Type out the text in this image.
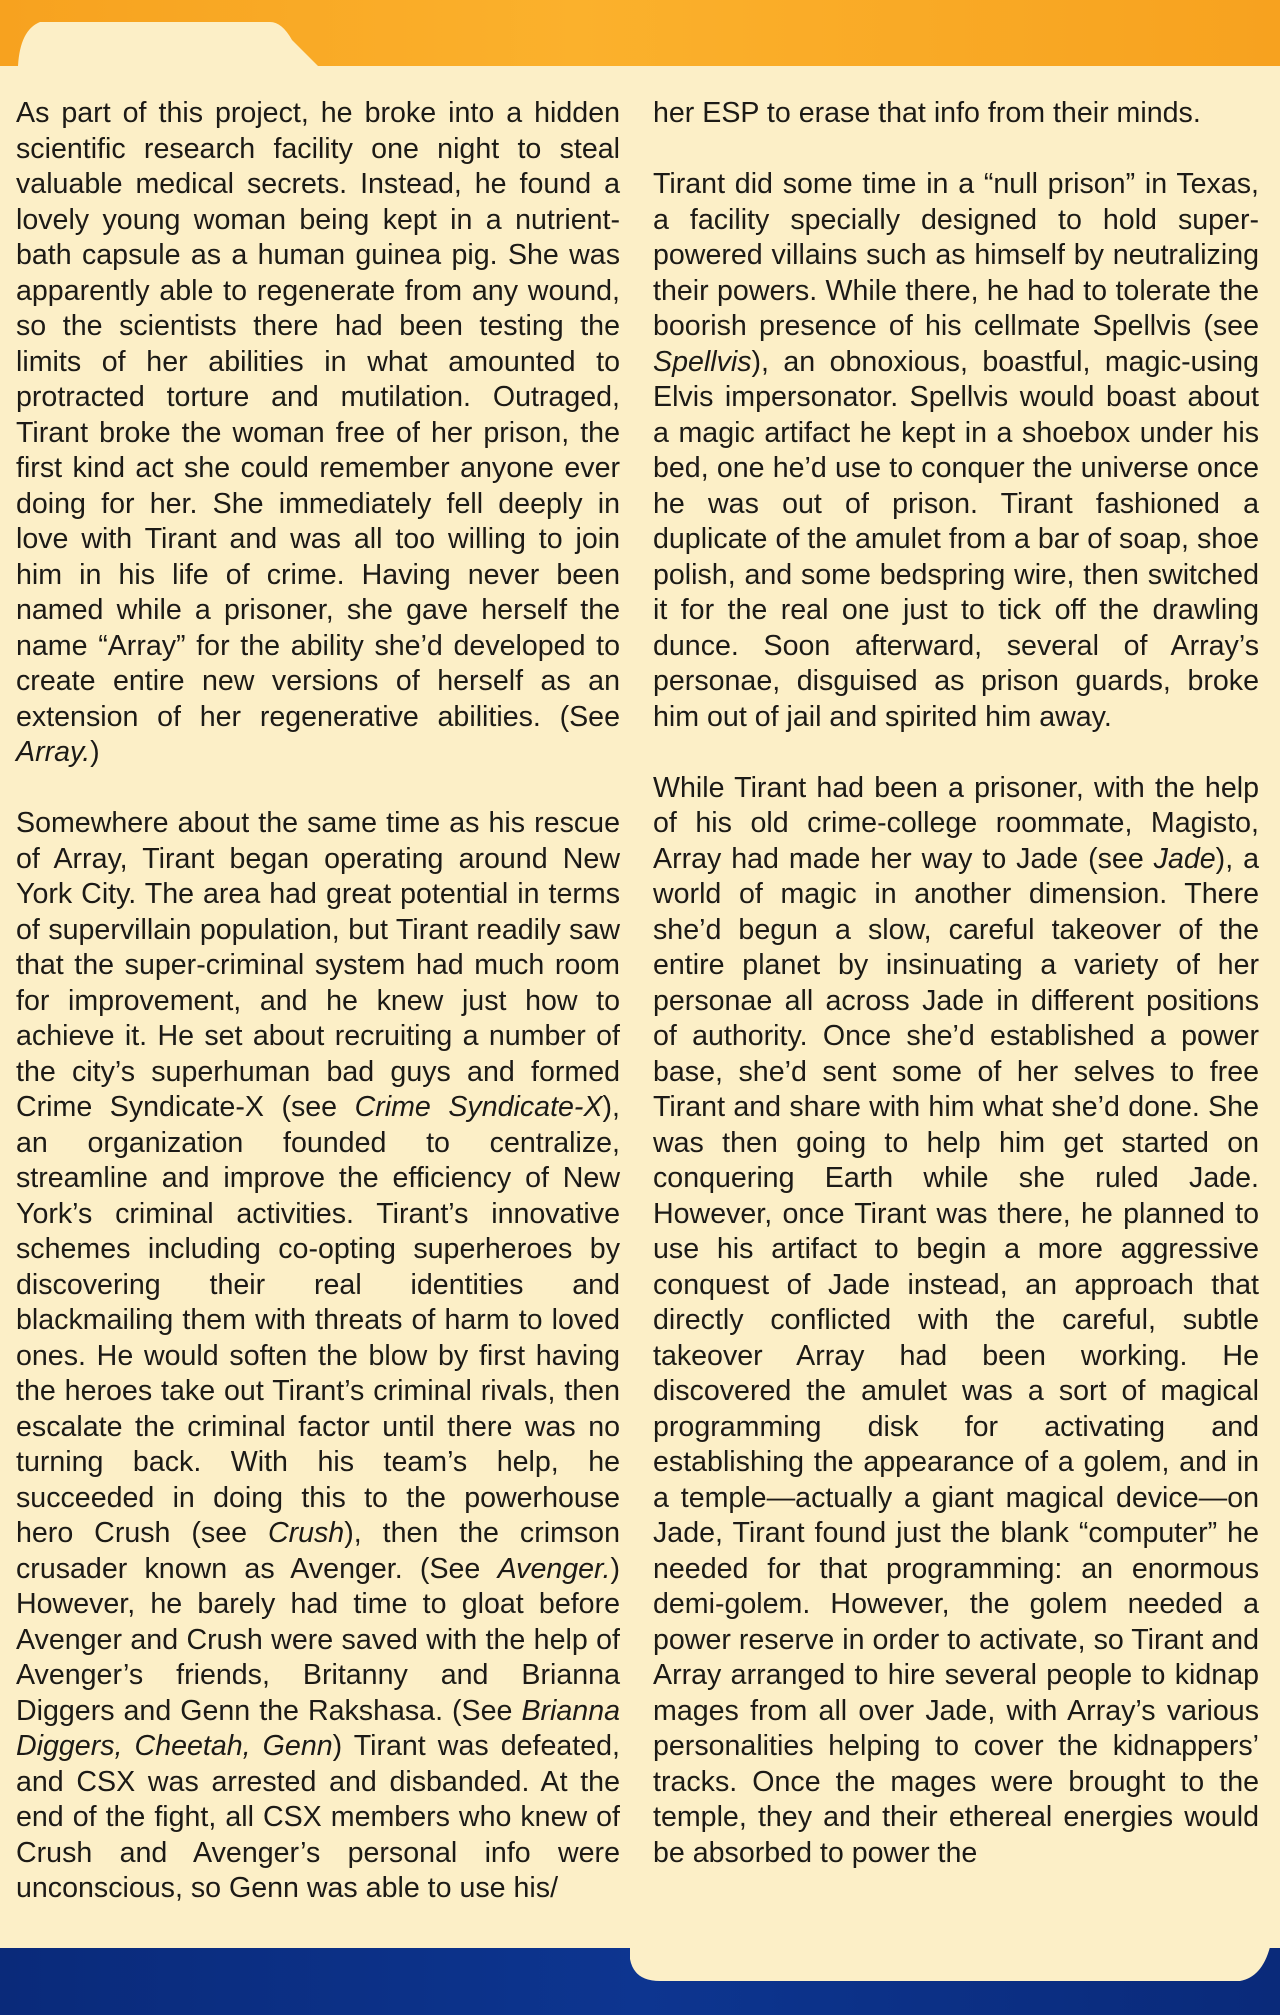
As part of this project, he broke into a hidden scientific research facility one night to steal valuable medical secrets. Instead, he found a lovely young woman being kept in a nutrient-bath capsule as a human guinea pig. She was apparently able to regenerate from any wound, so the scientists there had been testing the limits of her abilities in what amounted to protracted torture and mutilation. Outraged, Tirant broke the woman free of her prison, the first kind act she could remember anyone ever doing for her. She immediately fell deeply in love with Tirant and was all too willing to join him in his life of crime. Having never been named while a prisoner, she gave herself the name “Array” for the ability she’d developed to create entire new versions of herself as an extension of her regenerative abilities. (See Array.)

Somewhere about the same time as his rescue of Array, Tirant began operating around New York City. The area had great potential in terms of supervillain population, but Tirant readily saw that the super-criminal system had much room for improvement, and he knew just how to achieve it. He set about recruiting a number of the city’s superhuman bad guys and formed Crime Syndicate-X (see Crime Syndicate-X), an organization founded to centralize, streamline and improve the efficiency of New York’s criminal activities. Tirant’s innovative schemes including co-opting superheroes by discovering their real identities and blackmailing them with threats of harm to loved ones. He would soften the blow by first having the heroes take out Tirant’s criminal rivals, then escalate the criminal factor until there was no turning back. With his team’s help, he succeeded in doing this to the powerhouse hero Crush (see Crush), then the crimson crusader known as Avenger. (See Avenger.) However, he barely had time to gloat before Avenger and Crush were saved with the help of Avenger’s friends, Britanny and Brianna Diggers and Genn the Rakshasa. (See Brianna Diggers, Cheetah, Genn) Tirant was defeated, and CSX was arrested and disbanded. At the end of the fight, all CSX members who knew of Crush and Avenger’s personal info were unconscious, so Genn was able to use his/

her ESP to erase that info from their minds.

Tirant did some time in a “null prison” in Texas, a facility specially designed to hold super-powered villains such as himself by neutralizing their powers. While there, he had to tolerate the boorish presence of his cellmate Spellvis (see Spellvis), an obnoxious, boastful, magic-using Elvis impersonator. Spellvis would boast about a magic artifact he kept in a shoebox under his bed, one he’d use to conquer the universe once he was out of prison. Tirant fashioned a duplicate of the amulet from a bar of soap, shoe polish, and some bedspring wire, then switched it for the real one just to tick off the drawling dunce. Soon afterward, several of Array’s personae, disguised as prison guards, broke him out of jail and spirited him away.

While Tirant had been a prisoner, with the help of his old crime-college roommate, Magisto, Array had made her way to Jade (see Jade), a world of magic in another dimension. There she’d begun a slow, careful takeover of the entire planet by insinuating a variety of her personae all across Jade in different positions of authority. Once she’d established a power base, she’d sent some of her selves to free Tirant and share with him what she’d done. She was then going to help him get started on conquering Earth while she ruled Jade. However, once Tirant was there, he planned to use his artifact to begin a more aggressive conquest of Jade instead, an approach that directly conflicted with the careful, subtle takeover Array had been working. He discovered the amulet was a sort of magical programming disk for activating and establishing the appearance of a golem, and in a temple—actually a giant magical device—on Jade, Tirant found just the blank “computer” he needed for that programming: an enormous demi-golem. However, the golem needed a power reserve in order to activate, so Tirant and Array arranged to hire several people to kidnap mages from all over Jade, with Array’s various personalities helping to cover the kidnappers’ tracks. Once the mages were brought to the temple, they and their ethereal energies would be absorbed to power the
